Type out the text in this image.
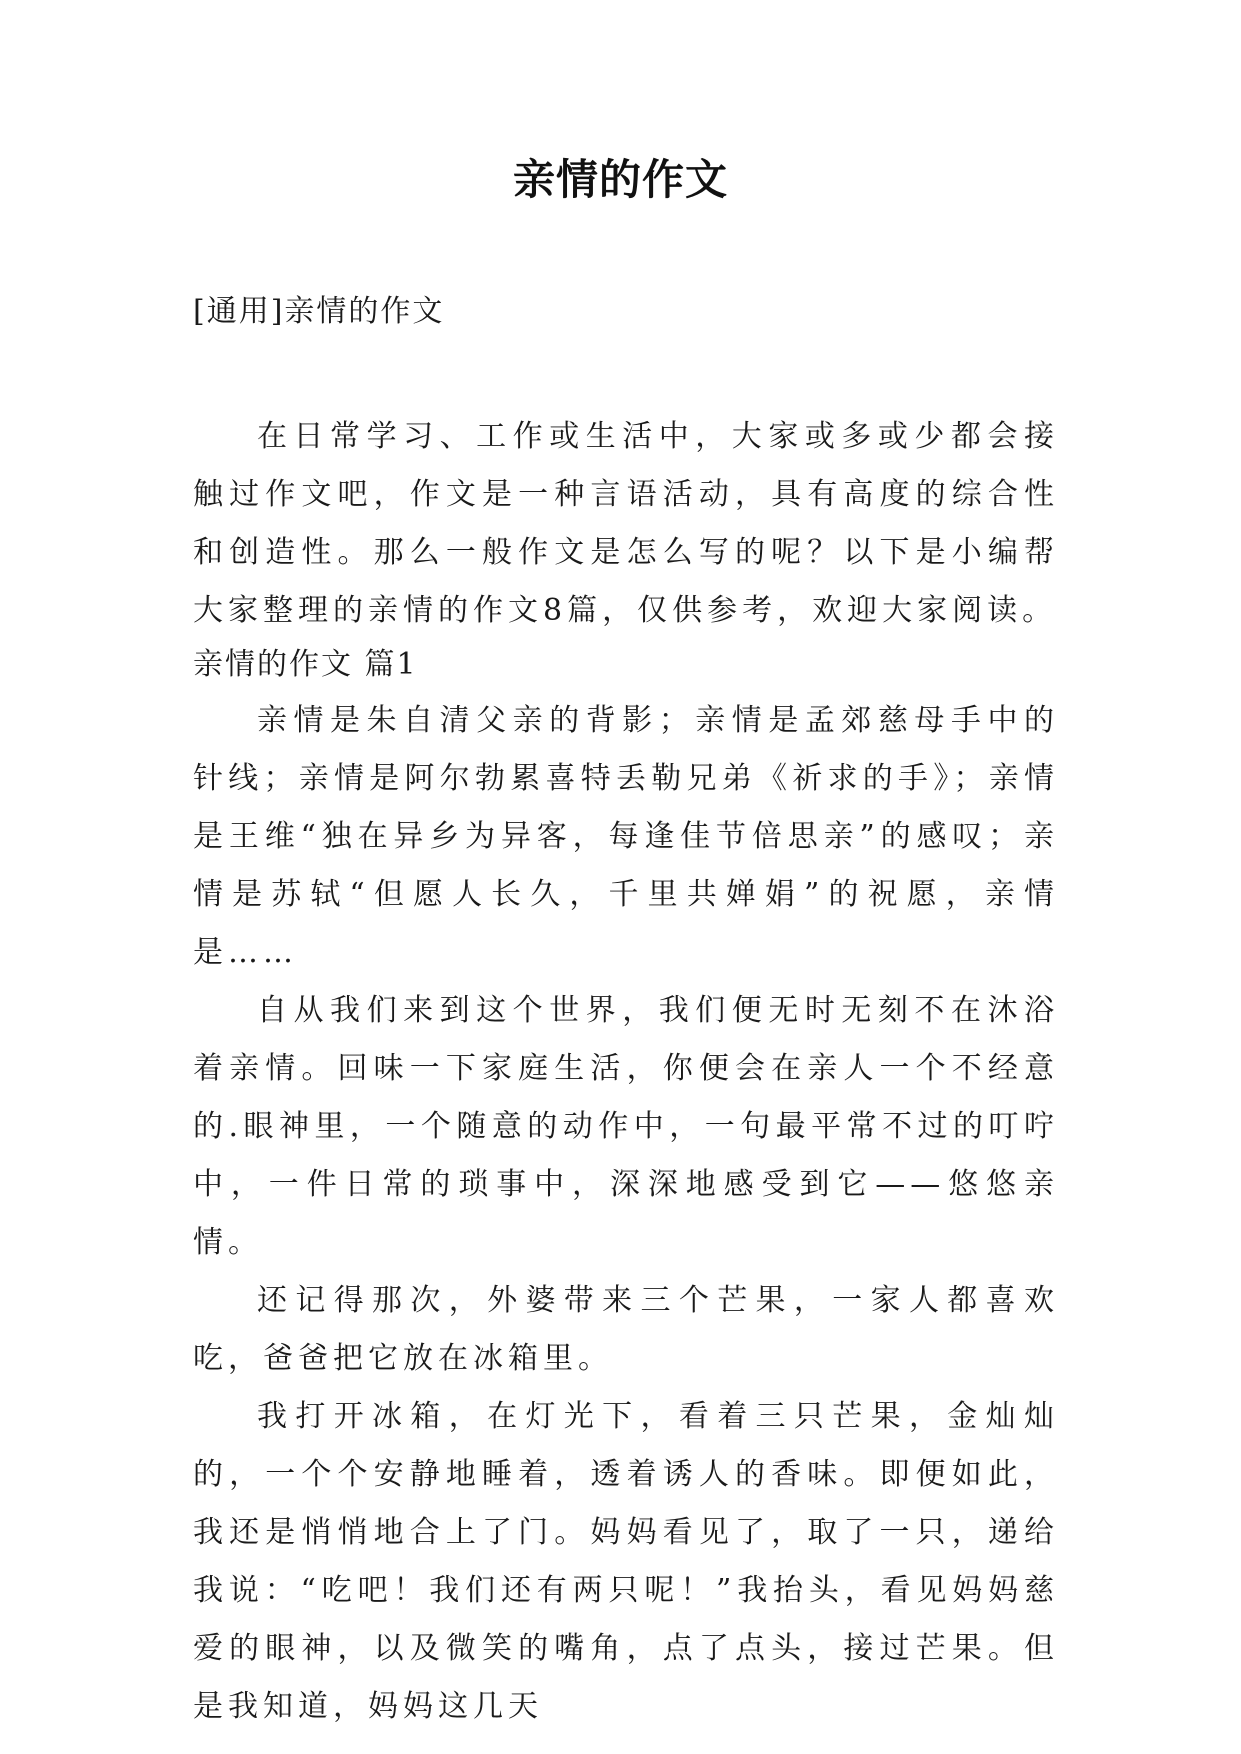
亲情的作文
[通用]亲情的作文

在日常学习、工作或生活中，大家或多或少都会接触过作文吧，作文是一种言语活动，具有高度的综合性和创造性。那么一般作文是怎么写的呢？以下是小编帮大家整理的亲情的作文8篇，仅供参考，欢迎大家阅读。

亲情的作文 篇1

亲情是朱自清父亲的背影；亲情是孟郊慈母手中的针线；亲情是阿尔勃累喜特丢勒兄弟《祈求的手》；亲情是王维“独在异乡为异客，每逢佳节倍思亲”的感叹；亲情是苏轼“但愿人长久，千里共婵娟”的祝愿，亲情是……

自从我们来到这个世界，我们便无时无刻不在沐浴着亲情。回味一下家庭生活，你便会在亲人一个不经意的.眼神里，一个随意的动作中，一句最平常不过的叮咛中，一件日常的琐事中，深深地感受到它——悠悠亲情。

还记得那次，外婆带来三个芒果，一家人都喜欢吃，爸爸把它放在冰箱里。

我打开冰箱，在灯光下，看着三只芒果，金灿灿的，一个个安静地睡着，透着诱人的香味。即便如此，我还是悄悄地合上了门。妈妈看见了，取了一只，递给我说：“吃吧！我们还有两只呢！”我抬头，看见妈妈慈爱的眼神，以及微笑的嘴角，点了点头，接过芒果。但是我知道，妈妈这几天
